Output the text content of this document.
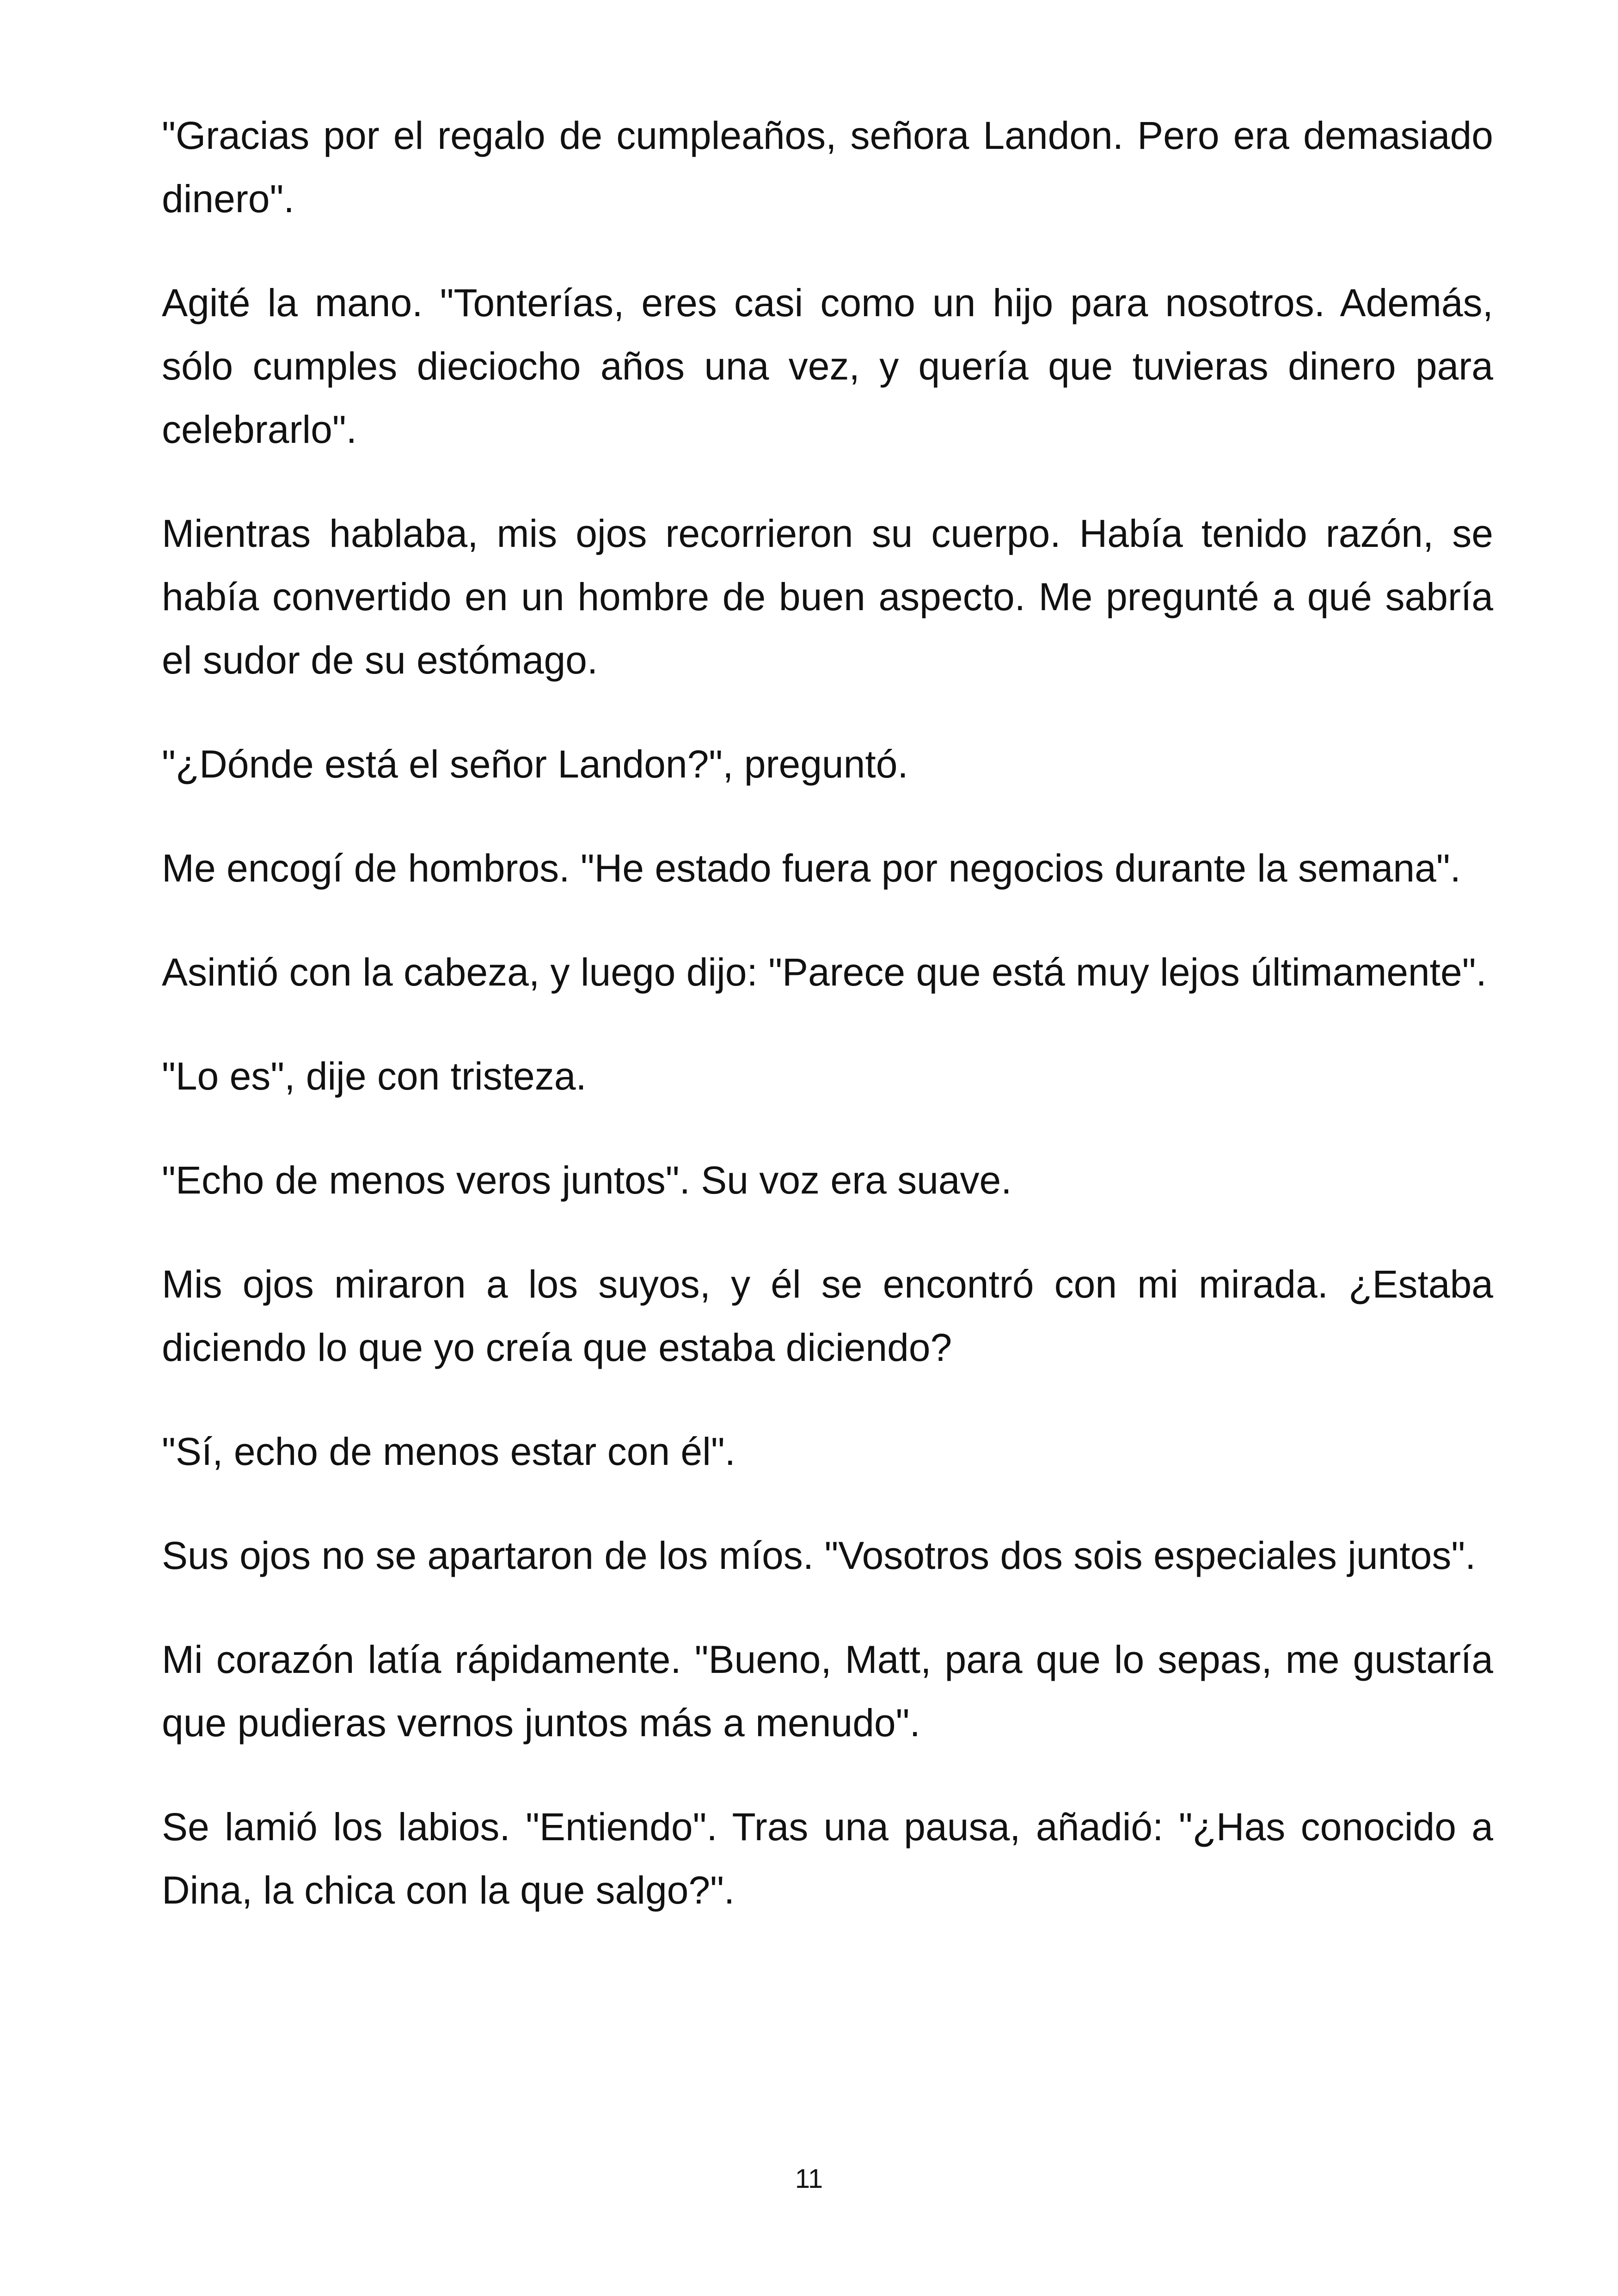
"Gracias por el regalo de cumpleaños, señora Landon. Pero era demasiado dinero".

Agité la mano. "Tonterías, eres casi como un hijo para nosotros. Además, sólo cumples dieciocho años una vez, y quería que tuvieras dinero para celebrarlo".

Mientras hablaba, mis ojos recorrieron su cuerpo. Había tenido razón, se había convertido en un hombre de buen aspecto. Me pregunté a qué sabría el sudor de su estómago.

"¿Dónde está el señor Landon?", preguntó.

Me encogí de hombros. "He estado fuera por negocios durante la semana".

Asintió con la cabeza, y luego dijo: "Parece que está muy lejos últimamente".

"Lo es", dije con tristeza.

"Echo de menos veros juntos". Su voz era suave.

Mis ojos miraron a los suyos, y él se encontró con mi mirada. ¿Estaba diciendo lo que yo creía que estaba diciendo?

"Sí, echo de menos estar con él".

Sus ojos no se apartaron de los míos. "Vosotros dos sois especiales juntos".

Mi corazón latía rápidamente. "Bueno, Matt, para que lo sepas, me gustaría que pudieras vernos juntos más a menudo".

Se lamió los labios. "Entiendo". Tras una pausa, añadió: "¿Has conocido a Dina, la chica con la que salgo?".

11
